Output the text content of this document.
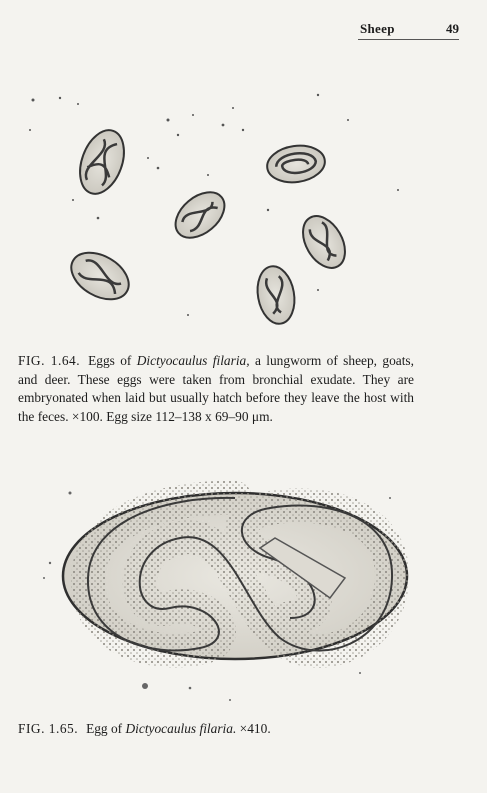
Sheep	49
FIG. 1.64. Eggs of Dictyocaulus filaria, a lungworm of sheep, goats, and deer. These eggs were taken from bronchial exudate. They are embryonated when laid but usually hatch before they leave the host with the feces. ×100. Egg size 112–138 x 69–90 μm.
FIG. 1.65. Egg of Dictyocaulus filaria. ×410.
